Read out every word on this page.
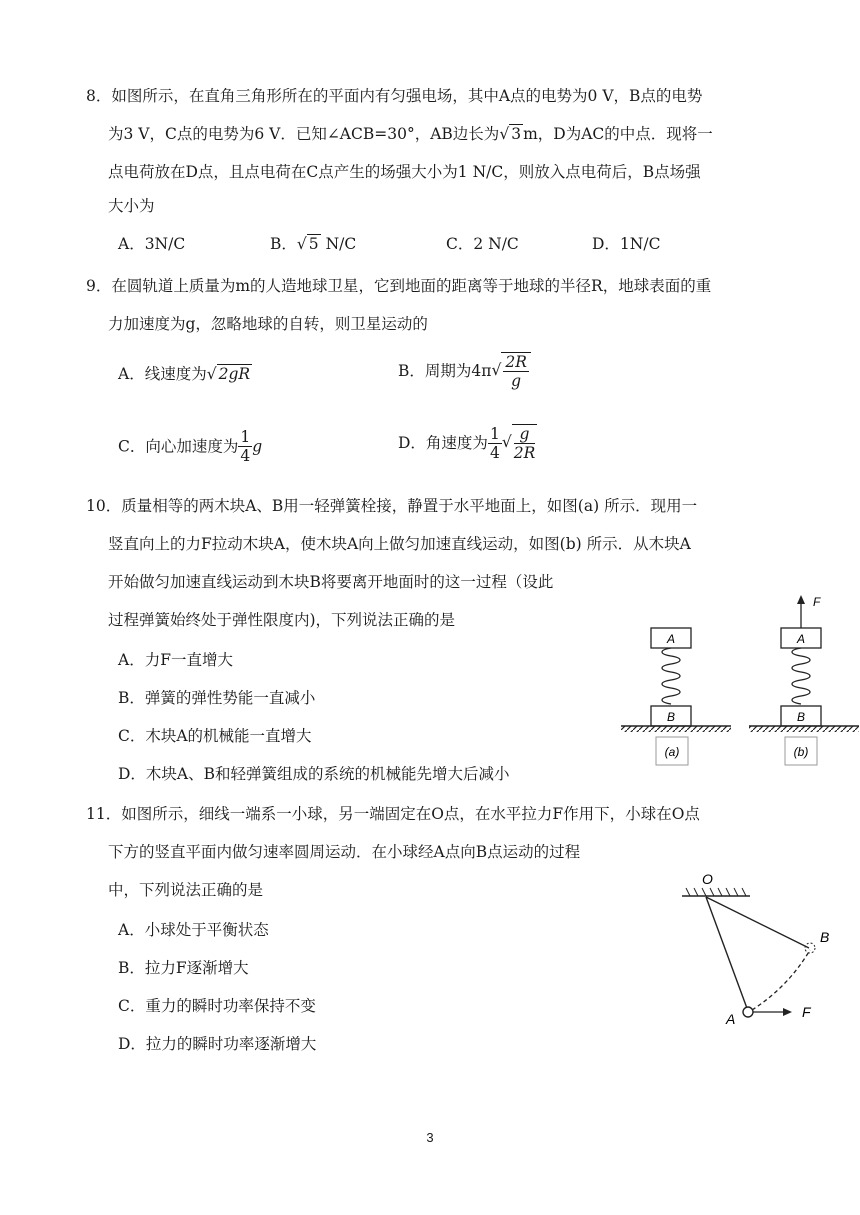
8．如图所示，在直角三角形所在的平面内有匀强电场，其中A点的电势为0 V，B点的电势
为3 V，C点的电势为6 V．已知∠ACB=30°，AB边长为√ 3 m，D为AC的中点．现将一
点电荷放在D点，且点电荷在C点产生的场强大小为1 N/C，则放入点电荷后，B点场强
大小为
A．3N/C	B．√ 5 N/C	C．2 N/C	D．1N/C
9．在圆轨道上质量为m的人造地球卫星，它到地面的距离等于地球的半径R，地球表面的重
力加速度为g，忽略地球的自转，则卫星运动的
A．线速度为√ 2gR	B．周期为$4\pi√ \frac{2R}{g}$
C．向心加速度为 $\frac{1}{4}$ g	D．角速度为 $\frac{1}{4}$ √ $\frac{g}{2R}$
10．质量相等的两木块A、B用一轻弹簧栓接，静置于水平地面上，如图(a) 所示．现用一
竖直向上的力F拉动木块A，使木块A向上做匀加速直线运动，如图(b) 所示．从木块A
开始做匀加速直线运动到木块B将要离开地面时的这一过程（设此
过程弹簧始终处于弹性限度内)，下列说法正确的是
A．力F一直增大
B．弹簧的弹性势能一直减小
C．木块A的机械能一直增大
D．木块A、B和轻弹簧组成的系统的机械能先增大后减小
A
B
(a)
A
F
B
(b)
11．如图所示，细线一端系一小球，另一端固定在O点，在水平拉力F作用下，小球在O点
下方的竖直平面内做匀速率圆周运动．在小球经A点向B点运动的过程
中，下列说法正确的是
A．小球处于平衡状态
B．拉力F逐渐增大
C．重力的瞬时功率保持不变
D．拉力的瞬时功率逐渐增大
O
F
A
B
3
